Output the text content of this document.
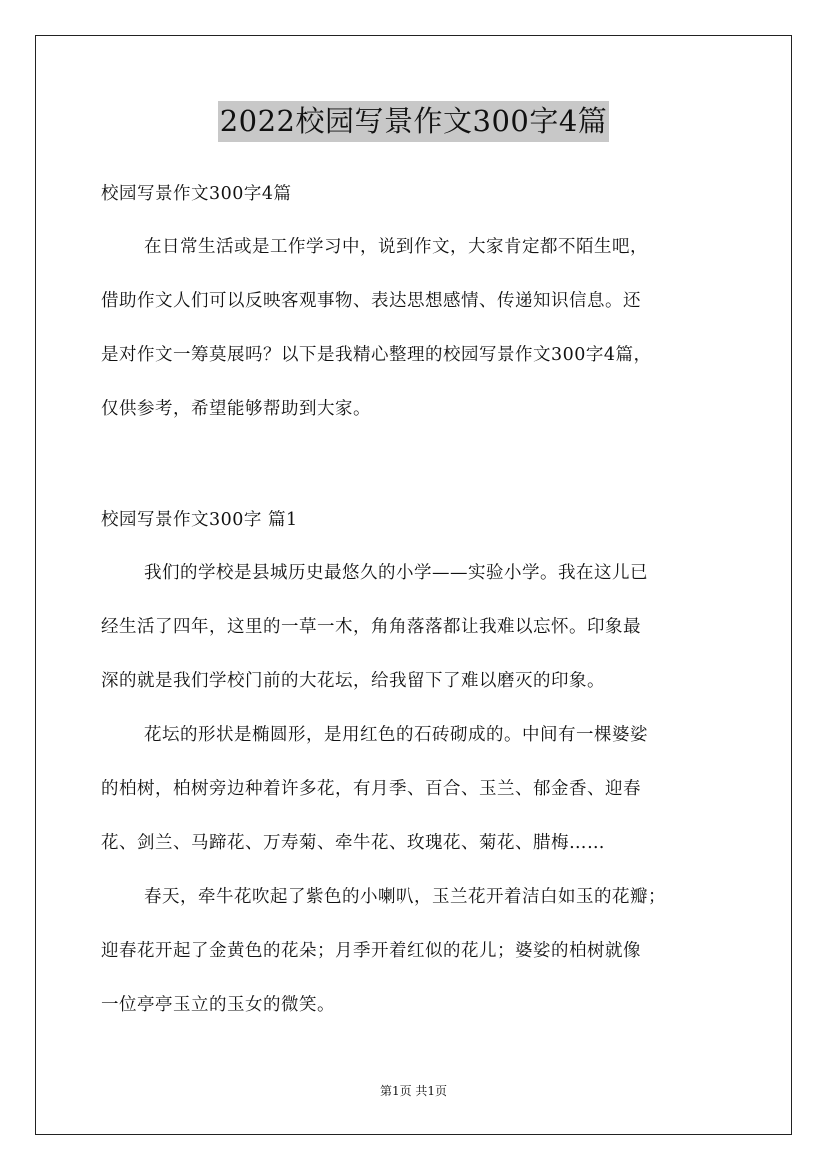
2022校园写景作文300字4篇
校园写景作文300字4篇
在日常生活或是工作学习中，说到作文，大家肯定都不陌生吧，
借助作文人们可以反映客观事物、表达思想感情、传递知识信息。还
是对作文一筹莫展吗？以下是我精心整理的校园写景作文300字4篇，
仅供参考，希望能够帮助到大家。
校园写景作文300字 篇1
我们的学校是县城历史最悠久的小学——实验小学。我在这儿已
经生活了四年，这里的一草一木，角角落落都让我难以忘怀。印象最
深的就是我们学校门前的大花坛，给我留下了难以磨灭的印象。
花坛的形状是椭圆形，是用红色的石砖砌成的。中间有一棵婆娑
的柏树，柏树旁边种着许多花，有月季、百合、玉兰、郁金香、迎春
花、剑兰、马蹄花、万寿菊、牵牛花、玫瑰花、菊花、腊梅……
春天，牵牛花吹起了紫色的小喇叭，玉兰花开着洁白如玉的花瓣；
迎春花开起了金黄色的花朵；月季开着红似的花儿；婆娑的柏树就像
一位亭亭玉立的玉女的微笑。
第1页 共1页
